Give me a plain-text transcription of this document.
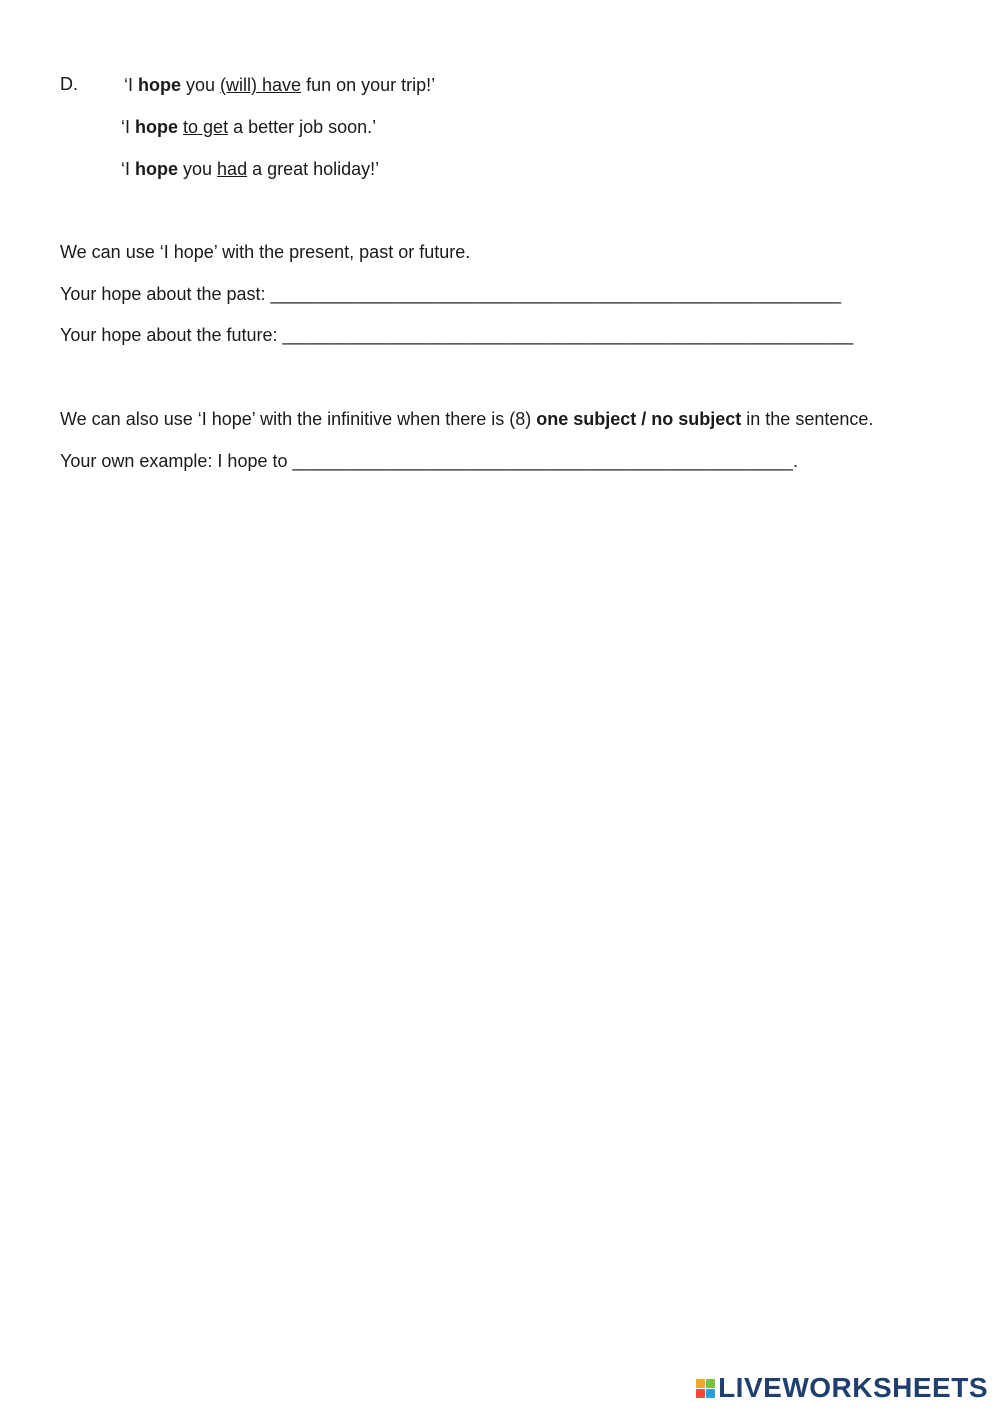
D.	‘I hope you (will) have fun on your trip!’
‘I hope to get a better job soon.’
‘I hope you had a great holiday!’
We can use ‘I hope’ with the present, past or future.
Your hope about the past: _________________________________________________________
Your hope about the future: _________________________________________________________
We can also use ‘I hope’ with the infinitive when there is (8) one subject / no subject in the sentence.
Your own example: I hope to __________________________________________________.
LIVEWORKSHEETS
